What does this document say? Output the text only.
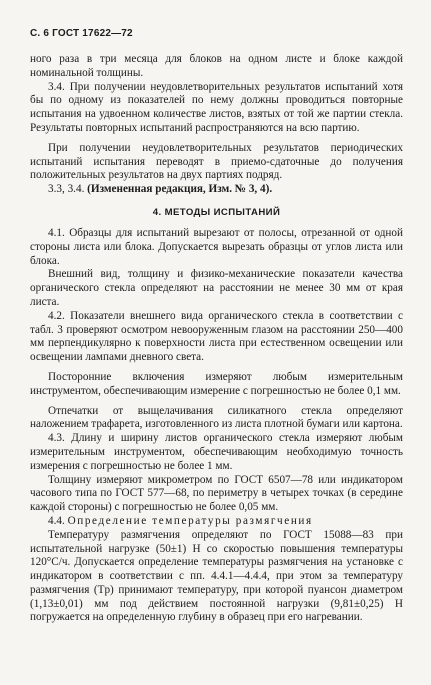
С. 6 ГОСТ 17622—72

ного раза в три месяца для блоков на одном листе и блоке каждой номинальной толщины.

3.4. При получении неудовлетворительных результатов испытаний хотя бы по одному из показателей по нему должны проводиться повторные испытания на удвоенном количестве листов, взятых от той же партии стекла. Результаты повторных испытаний распространяются на всю партию.

При получении неудовлетворительных результатов периодических испытаний испытания переводят в приемо-сдаточные до получения положительных результатов на двух партиях подряд.

3.3, 3.4. (Измененная редакция, Изм. № 3, 4).

4. МЕТОДЫ ИСПЫТАНИЙ

4.1. Образцы для испытаний вырезают от полосы, отрезанной от одной стороны листа или блока. Допускается вырезать образцы от углов листа или блока.

Внешний вид, толщину и физико-механические показатели качества органического стекла определяют на расстоянии не менее 30 мм от края листа.

4.2. Показатели внешнего вида органического стекла в соответствии с табл. 3 проверяют осмотром невооруженным глазом на расстоянии 250—400 мм перпендикулярно к поверхности листа при естественном освещении или освещении лампами дневного света.

Посторонние включения измеряют любым измерительным инструментом, обеспечивающим измерение с погрешностью не более 0,1 мм.

Отпечатки от выщелачивания силикатного стекла определяют наложением трафарета, изготовленного из листа плотной бумаги или картона.

4.3. Длину и ширину листов органического стекла измеряют любым измерительным инструментом, обеспечивающим необходимую точность измерения с погрешностью не более 1 мм.

Толщину измеряют микрометром по ГОСТ 6507—78 или индикатором часового типа по ГОСТ 577—68, по периметру в четырех точках (в середине каждой стороны) с погрешностью не более 0,05 мм.

4.4. Определение температуры размягчения

Температуру размягчения определяют по ГОСТ 15088—83 при испытательной нагрузке (50±1) Н со скоростью повышения температуры 120°С/ч. Допускается определение температуры размягчения на установке с индикатором в соответствии с пп. 4.4.1—4.4.4, при этом за температуру размягчения (Tр) принимают температуру, при которой пуансон диаметром (1,13±0,01) мм под действием постоянной нагрузки (9,81±0,25) Н погружается на определенную глубину в образец при его нагревании.
